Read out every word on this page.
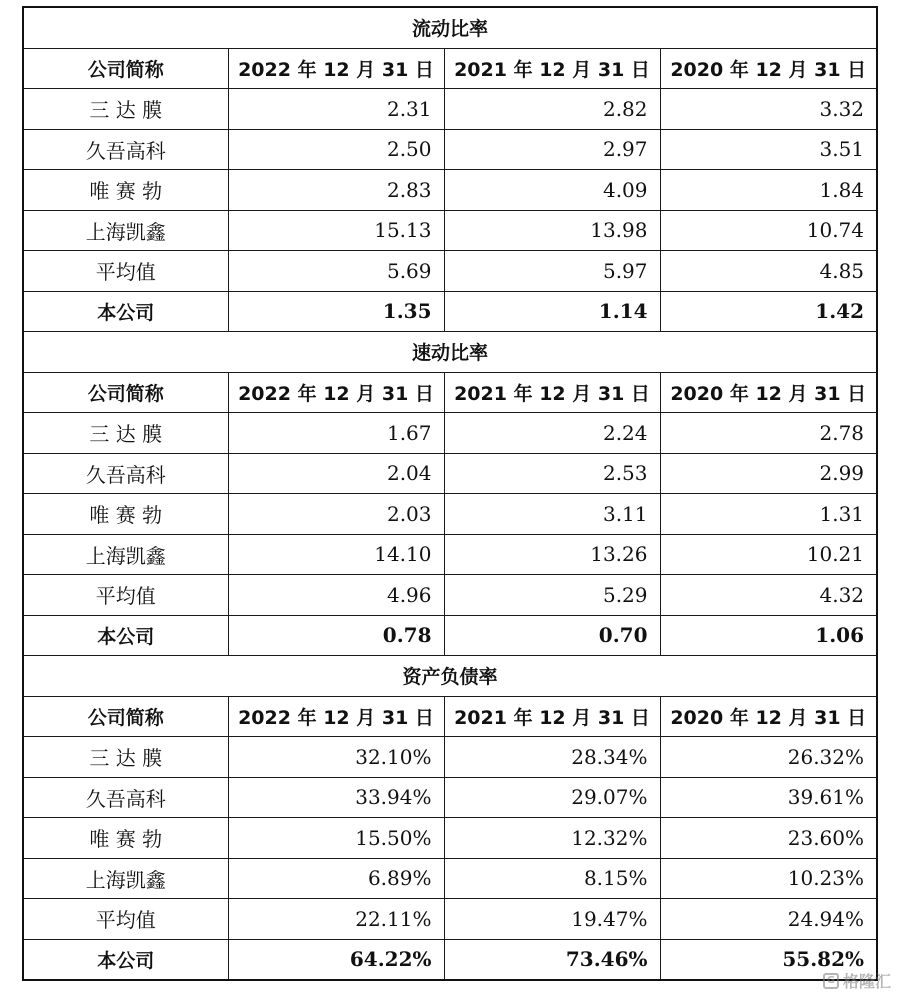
流动比率			
公司简称	2022 年 12 月 31 日	2021 年 12 月 31 日	2020 年 12 月 31 日
三 达 膜	2.31	2.82	3.32
久吾高科	2.50	2.97	3.51
唯 赛 勃	2.83	4.09	1.84
上海凯鑫	15.13	13.98	10.74
平均值	5.69	5.97	4.85
本公司	1.35	1.14	1.42
速动比率			
公司简称	2022 年 12 月 31 日	2021 年 12 月 31 日	2020 年 12 月 31 日
三 达 膜	1.67	2.24	2.78
久吾高科	2.04	2.53	2.99
唯 赛 勃	2.03	3.11	1.31
上海凯鑫	14.10	13.26	10.21
平均值	4.96	5.29	4.32
本公司	0.78	0.70	1.06
资产负债率			
公司简称	2022 年 12 月 31 日	2021 年 12 月 31 日	2020 年 12 月 31 日
三 达 膜	32.10%	28.34%	26.32%
久吾高科	33.94%	29.07%	39.61%
唯 赛 勃	15.50%	12.32%	23.60%
上海凯鑫	6.89%	8.15%	10.23%
平均值	22.11%	19.47%	24.94%
本公司	64.22%	73.46%	55.82%
G 格隆汇
